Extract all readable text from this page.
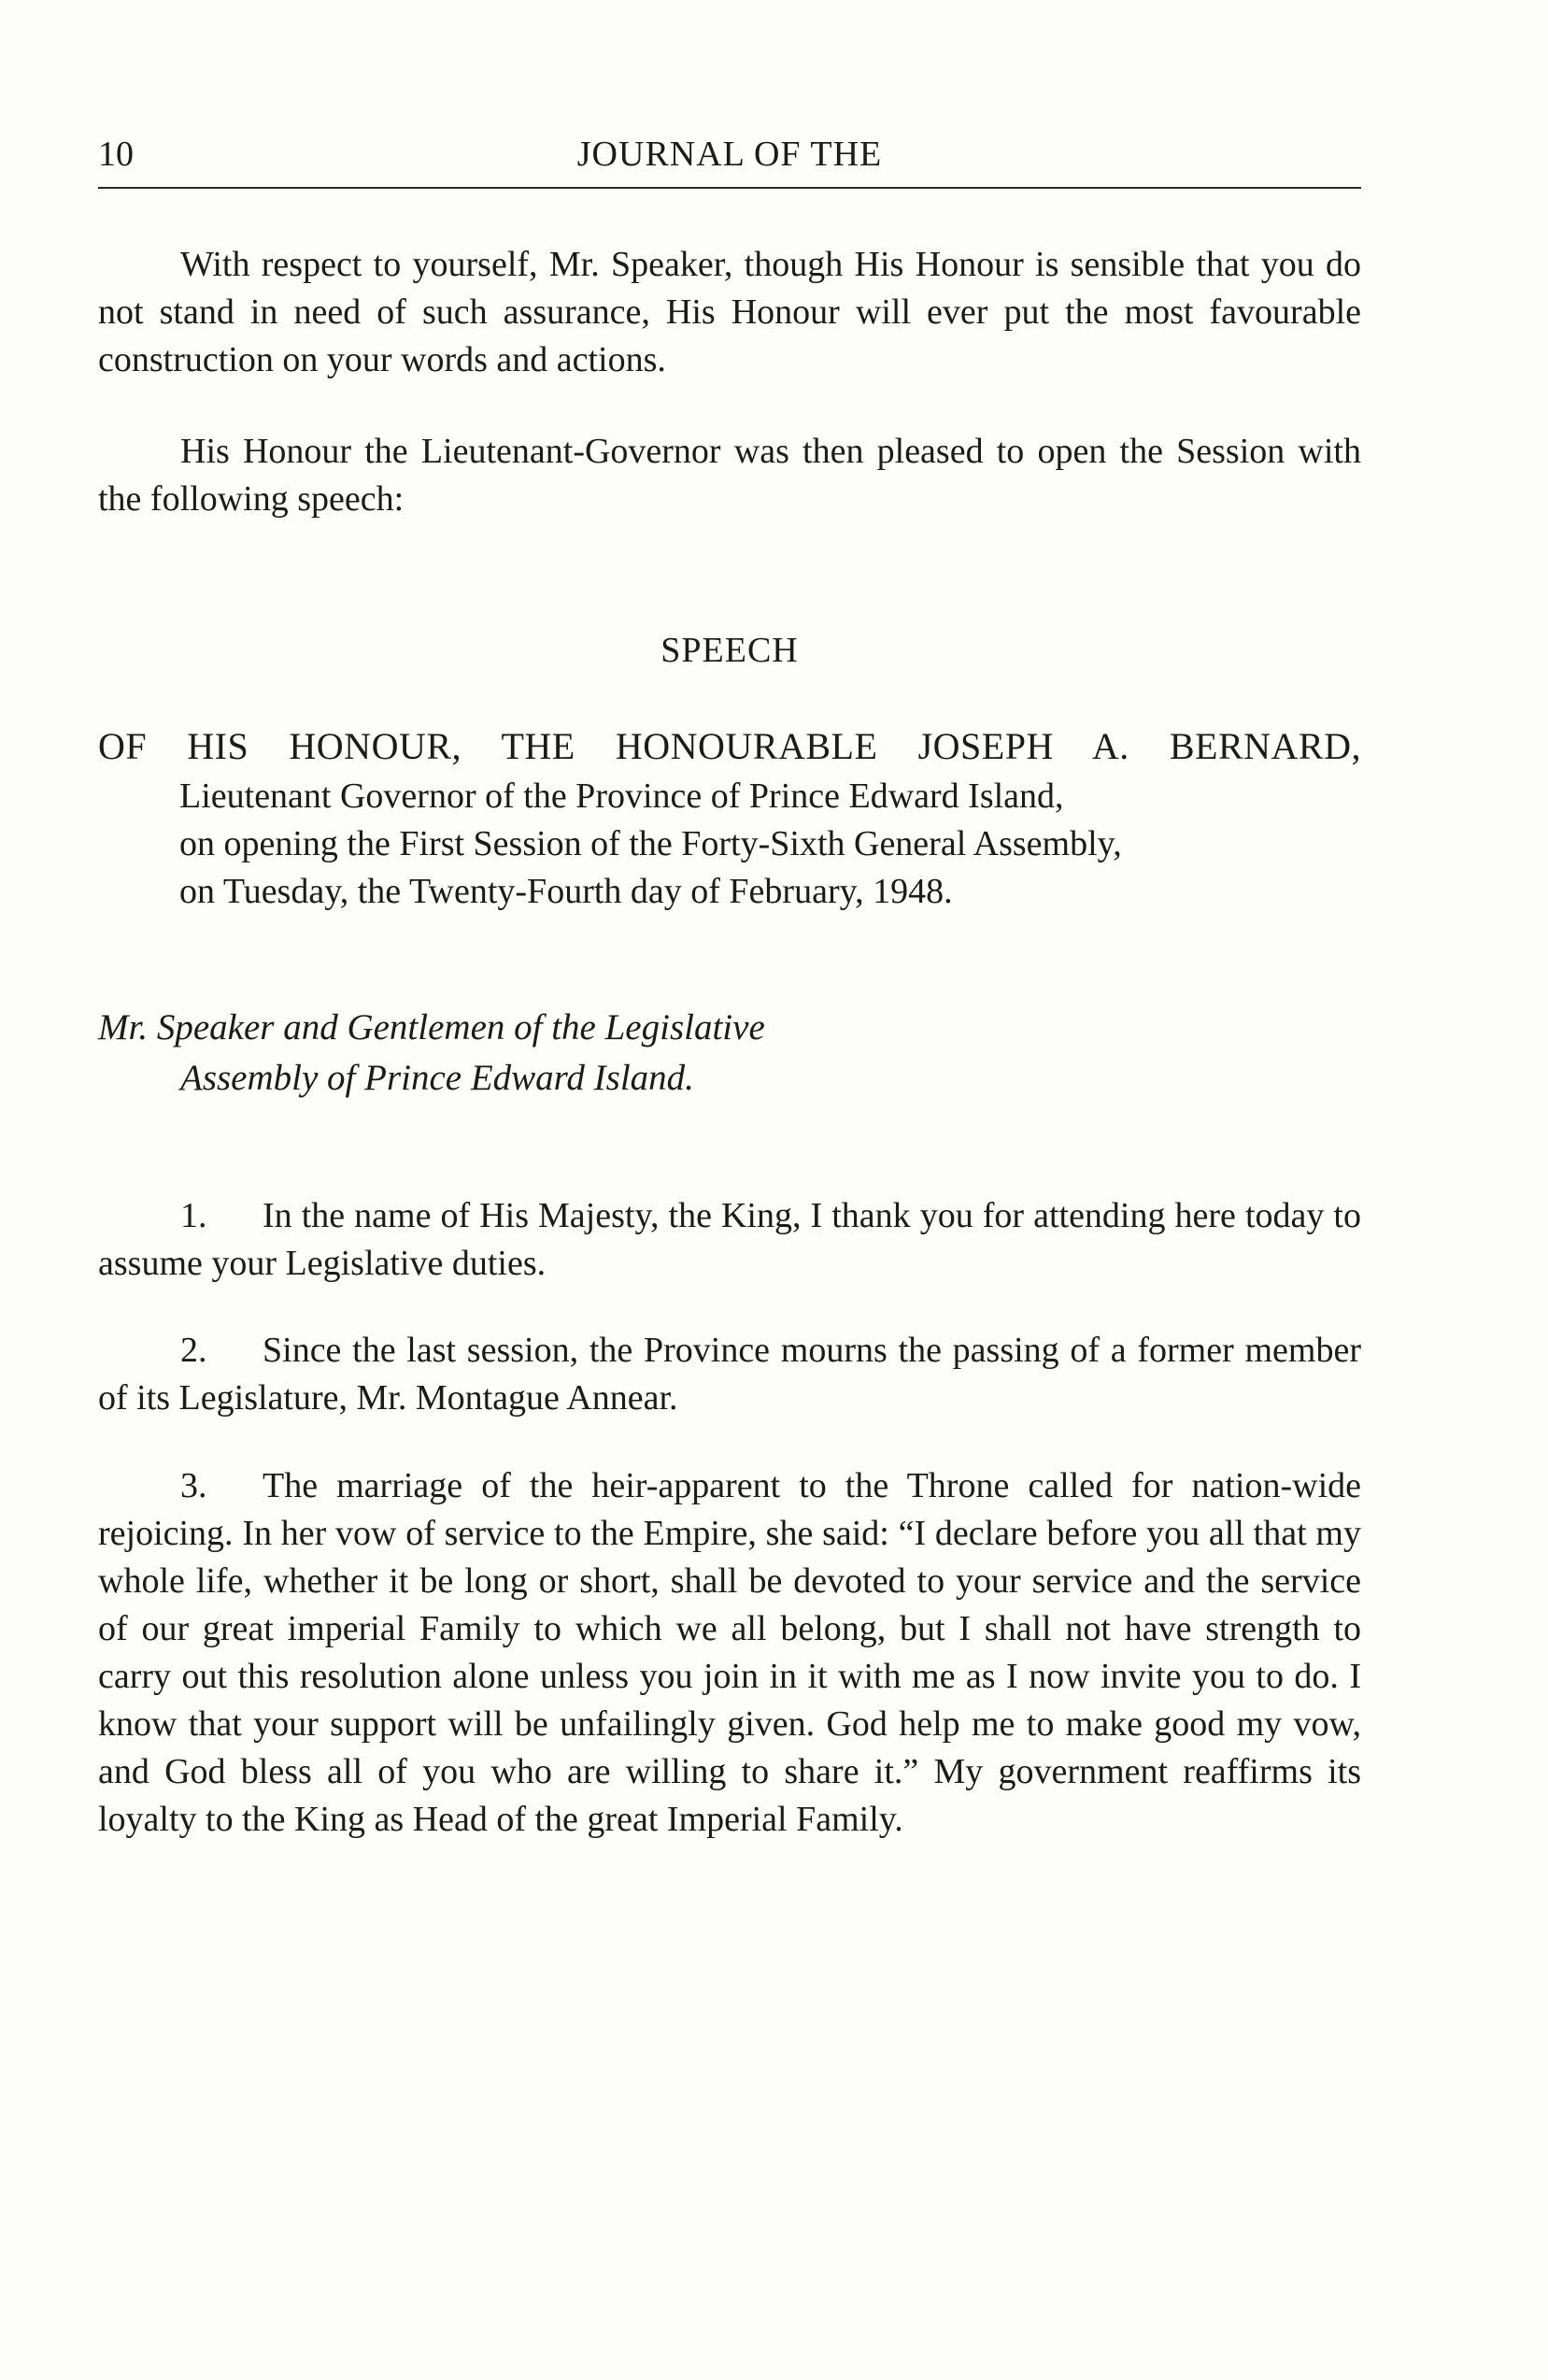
10	JOURNAL OF THE

With respect to yourself, Mr. Speaker, though His Honour is sensible that you do not stand in need of such assurance, His Honour will ever put the most favourable construction on your words and actions.

His Honour the Lieutenant-Governor was then pleased to open the Session with the following speech:

SPEECH
OF HIS HONOUR, THE HONOURABLE JOSEPH A. BERNARD,
Lieutenant Governor of the Province of Prince Edward Island,
on opening the First Session of the Forty-Sixth General Assembly,
on Tuesday, the Twenty-Fourth day of February, 1948.
Mr. Speaker and Gentlemen of the Legislative
Assembly of Prince Edward Island.

1. In the name of His Majesty, the King, I thank you for attending here today to assume your Legislative duties.

2. Since the last session, the Province mourns the passing of a former member of its Legislature, Mr. Montague Annear.

3. The marriage of the heir-apparent to the Throne called for nation-wide rejoicing. In her vow of service to the Empire, she said: “I declare before you all that my whole life, whether it be long or short, shall be devoted to your service and the service of our great imperial Family to which we all belong, but I shall not have strength to carry out this resolution alone unless you join in it with me as I now invite you to do. I know that your support will be unfailingly given. God help me to make good my vow, and God bless all of you who are willing to share it.” My government reaffirms its loyalty to the King as Head of the great Imperial Family.
